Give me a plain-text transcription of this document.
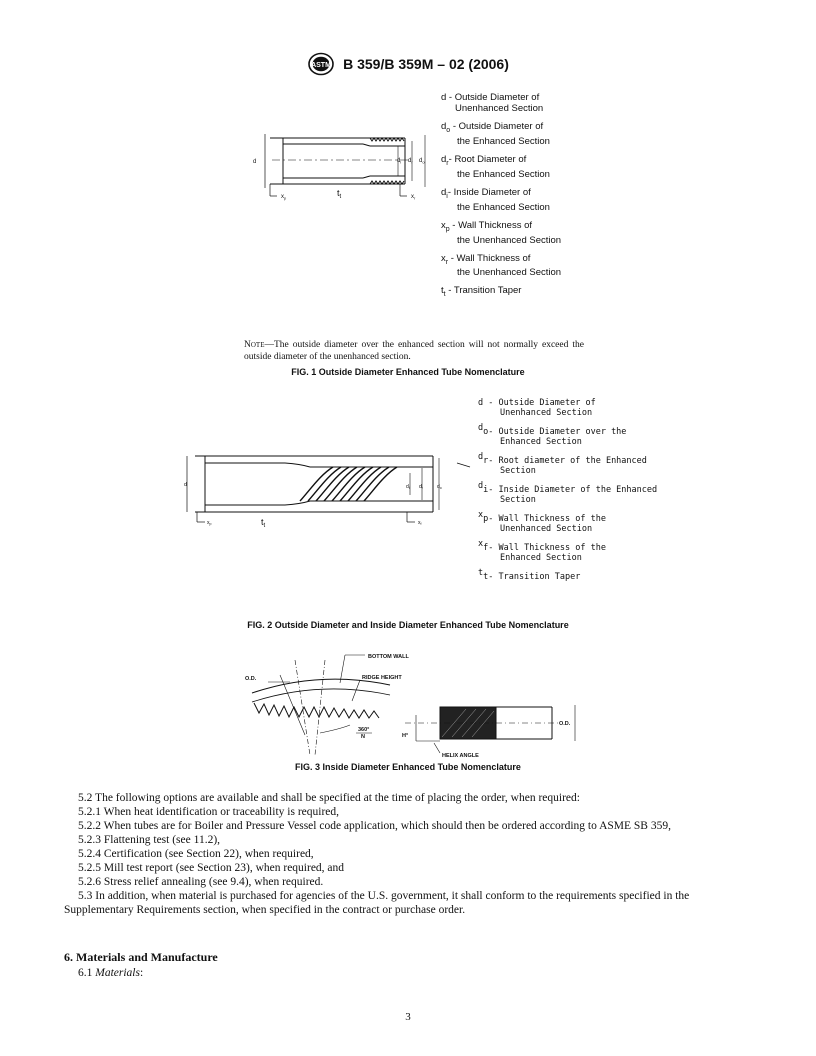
ASTM B 359/B 359M – 02 (2006)
d	$d_i$ $d_r$ $d_o$
$x_p$	$t_t$	$x_r$
d - Outside Diameter of
Unenhanced Section
$d_o$ - Outside Diameter of
the Enhanced Section
$d_r-$ Root Diameter of
the Enhanced Section
$d_i-$ Inside Diameter of
the Enhanced Section
$x_p$ - Wall Thickness of
the Unenhanced Section
$x_r$ - Wall Thickness of
the Unenhanced Section
$t_t$ - Transition Taper
Note—The outside diameter over the enhanced section will not normally exceed the outside diameter of the unenhanced section.
FIG. 1 Outside Diameter Enhanced Tube Nomenclature
d	$d_i$ $d_r$	$d_o$
$x_p$	$t_t$	$x_f$
d - Outside Diameter of
Unenhanced Section
do- Outside Diameter over the
Enhanced Section
dr- Root diameter of the Enhanced
Section
di- Inside Diameter of the Enhanced
Section
xp- Wall Thickness of the
Unenhanced Section
xf- Wall Thickness of the
Enhanced Section
tt- Transition Taper
FIG. 2 Outside Diameter and Inside Diameter Enhanced Tube Nomenclature
O.D.
BOTTOM WALL
RIDGE HEIGHT
360°
N	H°
HELIX ANGLE
O.D.
FIG. 3 Inside Diameter Enhanced Tube Nomenclature

5.2 The following options are available and shall be specified at the time of placing the order, when required:

5.2.1 When heat identification or traceability is required,

5.2.2 When tubes are for Boiler and Pressure Vessel code application, which should then be ordered according to ASME SB 359,

5.2.3 Flattening test (see 11.2),

5.2.4 Certification (see Section 22), when required,

5.2.5 Mill test report (see Section 23), when required, and

5.2.6 Stress relief annealing (see 9.4), when required.

5.3 In addition, when material is purchased for agencies of the U.S. government, it shall conform to the requirements specified in the Supplementary Requirements section, when specified in the contract or purchase order.

6. Materials and Manufacture
6.1 Materials:
3
